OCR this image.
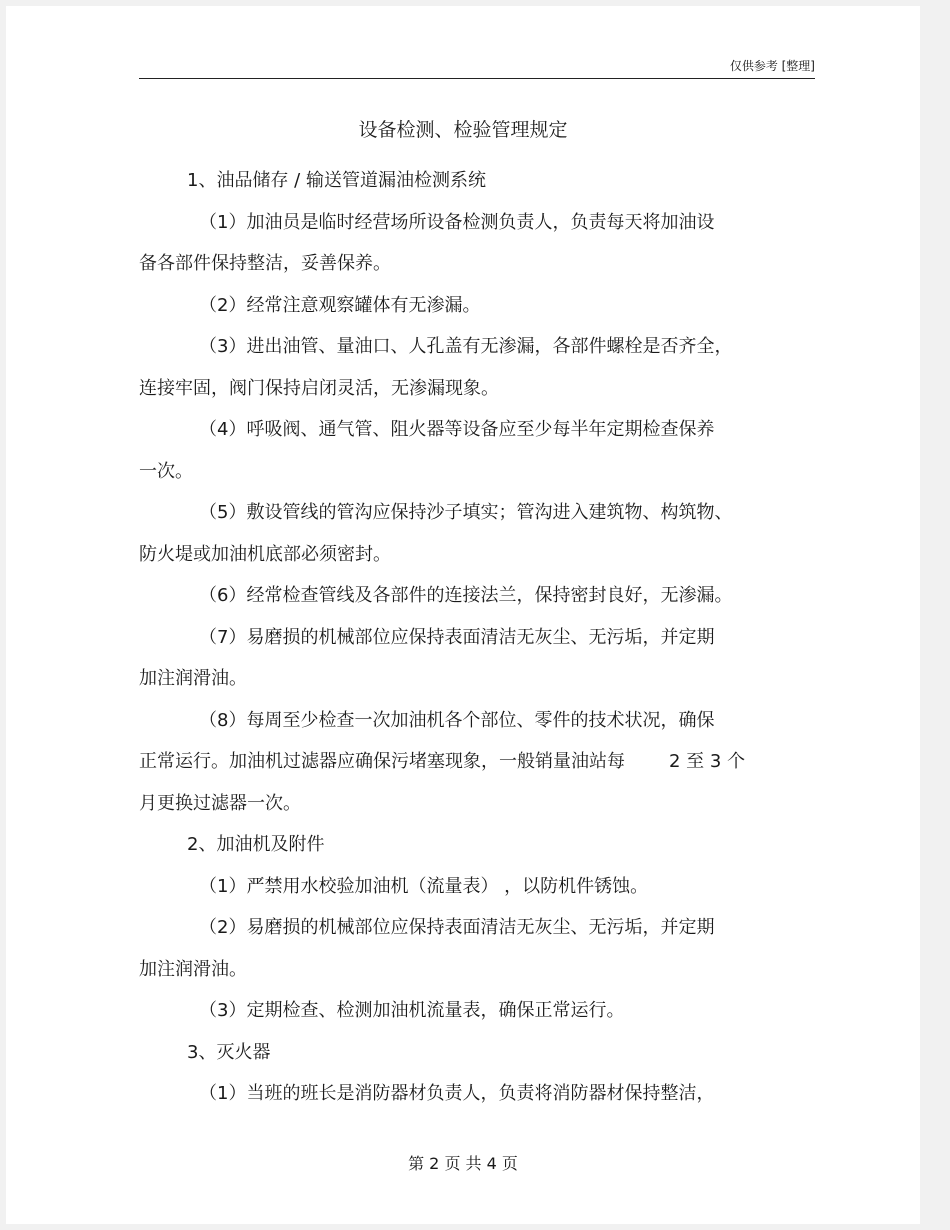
仅供参考 [整理]
设备检测、检验管理规定
1、油品储存 / 输送管道漏油检测系统
（1）加油员是临时经营场所设备检测负责人，负责每天将加油设
备各部件保持整洁，妥善保养。
（2）经常注意观察罐体有无渗漏。
（3）进出油管、量油口、人孔盖有无渗漏，各部件螺栓是否齐全，
连接牢固，阀门保持启闭灵活，无渗漏现象。
（4）呼吸阀、通气管、阻火器等设备应至少每半年定期检查保养
一次。
（5）敷设管线的管沟应保持沙子填实；管沟进入建筑物、构筑物、
防火堤或加油机底部必须密封。
（6）经常检查管线及各部件的连接法兰，保持密封良好，无渗漏。
（7）易磨损的机械部位应保持表面清洁无灰尘、无污垢，并定期
加注润滑油。
（8）每周至少检查一次加油机各个部位、零件的技术状况，确保
正常运行。加油机过滤器应确保污堵塞现象，一般销量油站每 2 至 3 个
月更换过滤器一次。
2、加油机及附件
（1）严禁用水校验加油机（流量表） ，以防机件锈蚀。
（2）易磨损的机械部位应保持表面清洁无灰尘、无污垢，并定期
加注润滑油。
（3）定期检查、检测加油机流量表，确保正常运行。
3、灭火器
（1）当班的班长是消防器材负责人，负责将消防器材保持整洁，
第 2 页 共 4 页
